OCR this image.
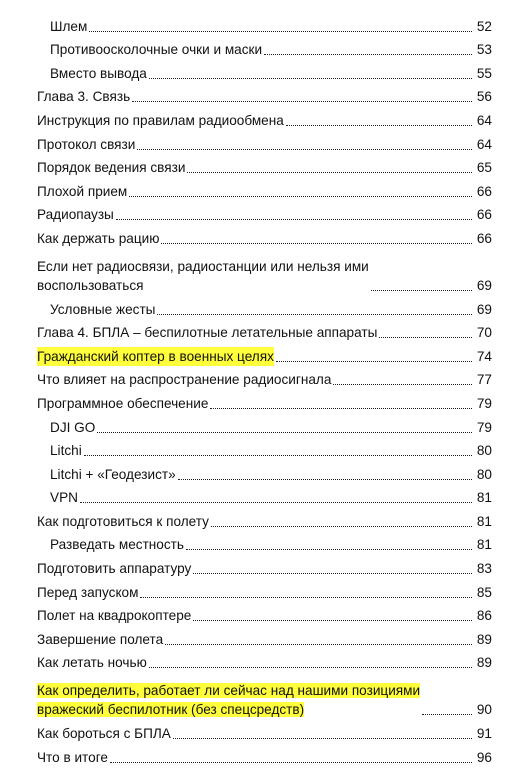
Шлем	52
Противоосколочные очки и маски	53
Вместо вывода	55
Глава 3. Связь	56
Инструкция по правилам радиообмена	64
Протокол связи	64
Порядок ведения связи	65
Плохой прием	66
Радиопаузы	66
Как держать рацию	66
Если нет радиосвязи, радиостанции или нельзя ими
воспользоваться	69
Условные жесты	69
Глава 4. БПЛА – беспилотные летательные аппараты	70
Гражданский коптер в военных целях	74
Что влияет на распространение радиосигнала	77
Программное обеспечение	79
DJI GO	79
Litchi	80
Litchi + «Геодезист»	80
VPN	81
Как подготовиться к полету	81
Разведать местность	81
Подготовить аппаратуру	83
Перед запуском	85
Полет на квадрокоптере	86
Завершение полета	89
Как летать ночью	89
Как определить, работает ли сейчас над нашими позициями
вражеский беспилотник (без спецсредств)	90
Как бороться с БПЛА	91
Что в итоге	96
